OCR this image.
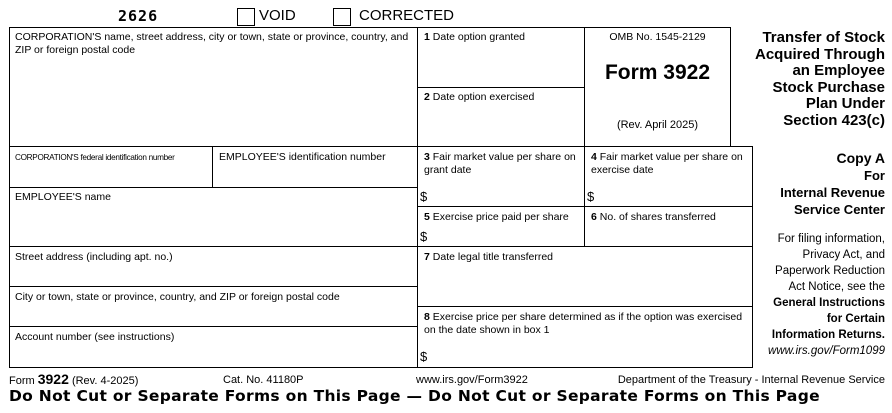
2626	VOID	CORRECTED
CORPORATION'S name, street address, city or town, state or province, country, and ZIP or foreign postal code
CORPORATION'S federal identification number	EMPLOYEE'S identification number
EMPLOYEE'S name
Street address (including apt. no.)
City or town, state or province, country, and ZIP or foreign postal code
Account number (see instructions)
1 Date option granted
2 Date option exercised
OMB No. 1545-2129
Form 3922
(Rev. April 2025)
Transfer of Stock
Acquired Through
an Employee
Stock Purchase
Plan Under
Section 423(c)
3 Fair market value per share on grant date
$
4 Fair market value per share on exercise date
$
5 Exercise price paid per share
$
6 No. of shares transferred
Copy A
For
Internal Revenue
Service Center
For filing information,
Privacy Act, and
Paperwork Reduction
Act Notice, see the
General Instructions
for Certain
Information Returns.
www.irs.gov/Form1099
7 Date legal title transferred
8 Exercise price per share determined as if the option was exercised on the date shown in box 1
$
Form 3922 (Rev. 4-2025)	Cat. No. 41180P	www.irs.gov/Form3922	Department of the Treasury - Internal Revenue Service
Do Not Cut or Separate Forms on This Page — Do Not Cut or Separate Forms on This Page
